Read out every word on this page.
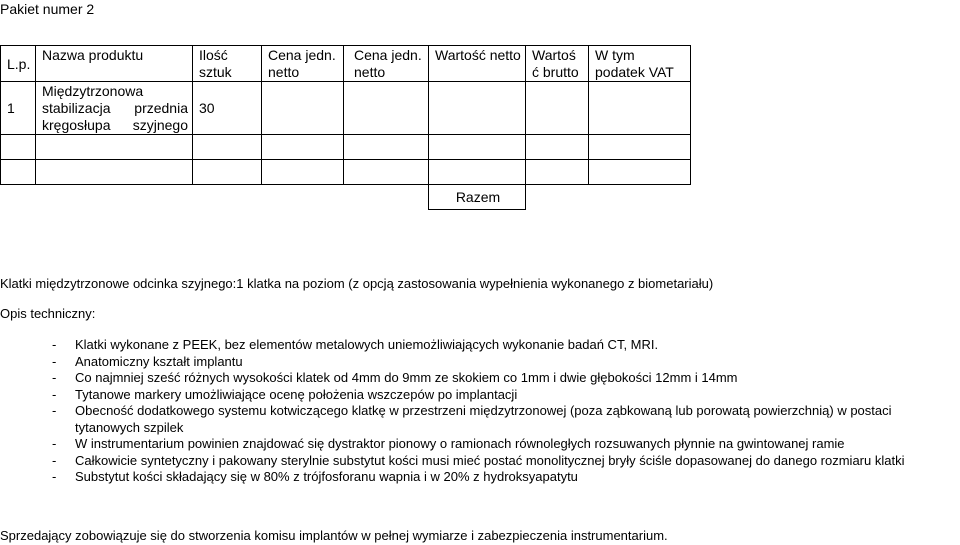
Pakiet numer 2
L.p.	Nazwa produktu	Ilość sztuk	Cena jedn. netto	Cena jedn. netto	Wartość netto	Wartoś ć brutto	W tym podatek VAT
1	Międzytrzonowa stabilizacja przednia kręgosłupa szyjnego	30					

					Razem		
Klatki międzytrzonowe odcinka szyjnego:1 klatka na poziom (z opcją zastosowania wypełnienia wykonanego z biometariału)
Opis techniczny:
- Klatki wykonane z PEEK, bez elementów metalowych uniemożliwiających wykonanie badań CT, MRI.
- Anatomiczny kształt implantu
- Co najmniej sześć różnych wysokości klatek od 4mm do 9mm ze skokiem co 1mm i dwie głębokości 12mm i 14mm
- Tytanowe markery umożliwiające ocenę położenia wszczepów po implantacji
- Obecność dodatkowego systemu kotwiczącego klatkę w przestrzeni międzytrzonowej (poza ząbkowaną lub porowatą powierzchnią) w postaci tytanowych szpilek
- W instrumentarium powinien znajdować się dystraktor pionowy o ramionach równoległych rozsuwanych płynnie na gwintowanej ramie
- Całkowicie syntetyczny i pakowany sterylnie substytut kości musi mieć postać monolitycznej bryły ściśle dopasowanej do danego rozmiaru klatki
- Substytut kości składający się w 80% z trójfosforanu wapnia i w 20% z hydroksyapatytu
Sprzedający zobowiązuje się do stworzenia komisu implantów w pełnej wymiarze i zabezpieczenia instrumentarium.
